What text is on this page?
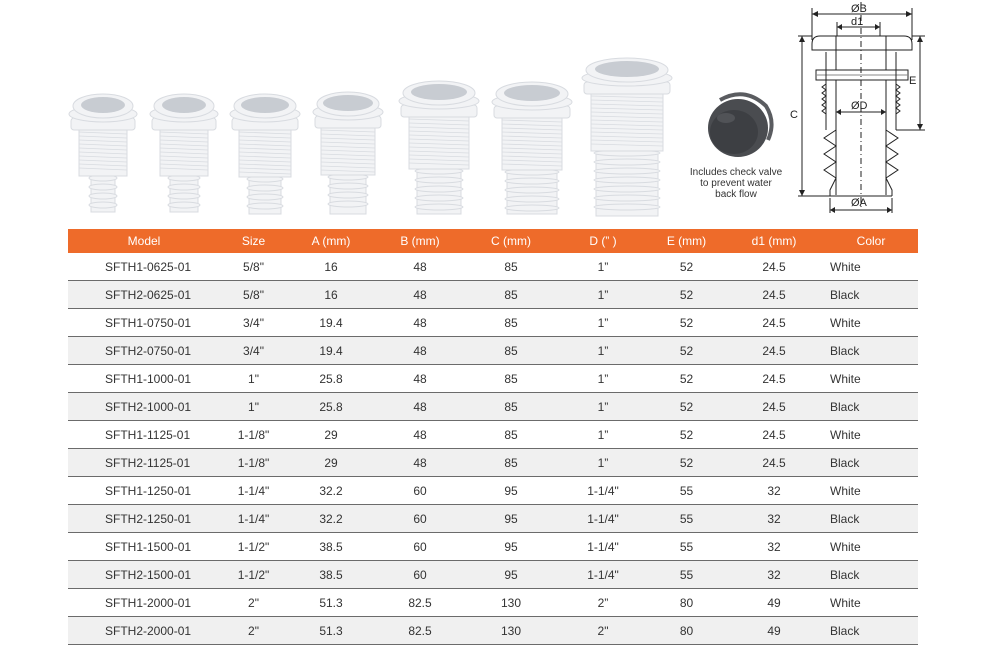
Includes check valve
to prevent water
back flow
ØB
d1
ØD
ØA
C
E
Model	Size	A (mm)	B (mm)	C (mm)	D (” )	E (mm)	d1 (mm)	Color
SFTH1-0625-01	5/8"	16	48	85	1”	52	24.5	White
SFTH2-0625-01	5/8"	16	48	85	1”	52	24.5	Black
SFTH1-0750-01	3/4"	19.4	48	85	1”	52	24.5	White
SFTH2-0750-01	3/4"	19.4	48	85	1”	52	24.5	Black
SFTH1-1000-01	1"	25.8	48	85	1”	52	24.5	White
SFTH2-1000-01	1"	25.8	48	85	1”	52	24.5	Black
SFTH1-1125-01	1-1/8"	29	48	85	1”	52	24.5	White
SFTH2-1125-01	1-1/8"	29	48	85	1”	52	24.5	Black
SFTH1-1250-01	1-1/4"	32.2	60	95	1-1/4"	55	32	White
SFTH2-1250-01	1-1/4"	32.2	60	95	1-1/4"	55	32	Black
SFTH1-1500-01	1-1/2"	38.5	60	95	1-1/4"	55	32	White
SFTH2-1500-01	1-1/2"	38.5	60	95	1-1/4"	55	32	Black
SFTH1-2000-01	2"	51.3	82.5	130	2”	80	49	White
SFTH2-2000-01	2"	51.3	82.5	130	2"	80	49	Black
